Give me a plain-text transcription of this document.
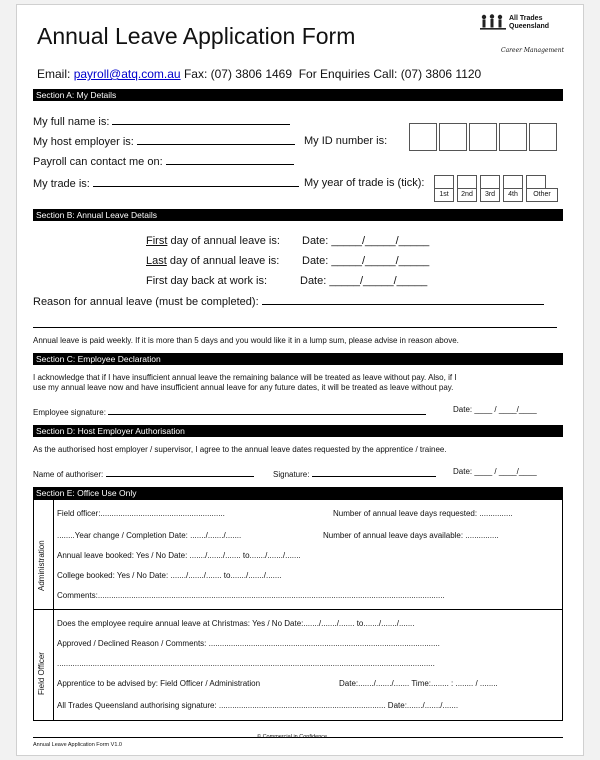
Annual Leave Application Form
All Trades Queensland
Career Management
Email: payroll@atq.com.au Fax: (07) 3806 1469 For Enquiries Call: (07) 3806 1120
Section A: My Details
My full name is:
My host employer is:	My ID number is:
Payroll can contact me on:
My trade is:	My year of trade is (tick):
1st	2nd	3rd	4th	Other
Section B: Annual Leave Details
First day of annual leave is: Date: _____/_____/_____
Last day of annual leave is: Date: _____/_____/_____
First day back at work is:	Date: _____/_____/_____
Reason for annual leave (must be completed):
Annual leave is paid weekly. If it is more than 5 days and you would like it in a lump sum, please advise in reason above.
Section C: Employee Declaration
I acknowledge that if I have insufficient annual leave the remaining balance will be treated as leave without pay. Also, if I
use my annual leave now and have insufficient annual leave for any future dates, it will be treated as leave without pay.
Employee signature:	Date: ____ / ____/____
Section D: Host Employer Authorisation
As the authorised host employer / supervisor, I agree to the annual leave dates requested by the apprentice / trainee.
Name of authoriser:	Signature:	Date: ____ / ____/____
Section E: Office Use Only
Administration
Field Officer
Field officer:........................................................	Number of annual leave days requested: ...............
........Year change / Completion Date: ......./......./.......	Number of annual leave days available: ...............
Annual leave booked: Yes / No Date: ......./......./....... to......./......./.......
College booked: Yes / No Date: ......./......./....... to......./......./.......
Comments:............................................................................................................................................................
Does the employee require annual leave at Christmas: Yes / No Date:......./......./....... to......./......./.......
Approved / Declined Reason / Comments: ........................................................................................................
..........................................................................................................................................................................
Apprentice to be advised by: Field Officer / Administration	Date:......./......./....... Time:........ : ........ / ........
All Trades Queensland authorising signature: ........................................................................... Date:......./......./.......
Annual Leave Application Form V1.0
© Commercial in Confidence
